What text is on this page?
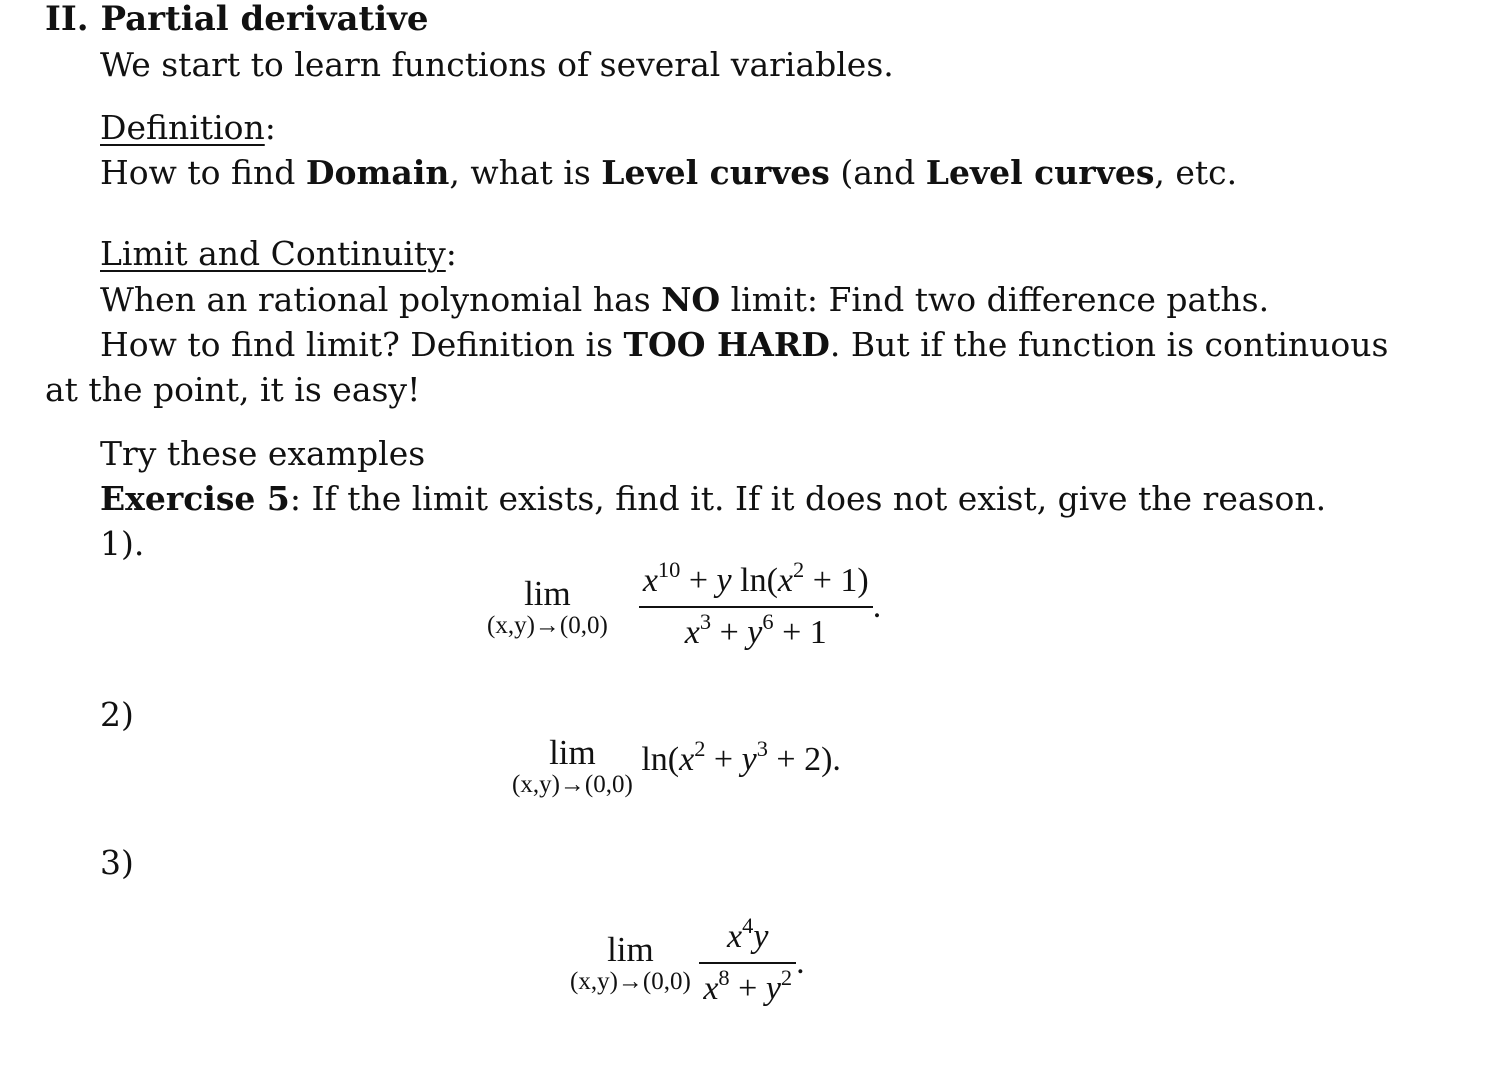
II. Partial derivative
We start to learn functions of several variables.
Definition:
How to find Domain, what is Level curves (and Level curves, etc.
Limit and Continuity:
When an rational polynomial has NO limit: Find two difference paths.
How to find limit? Definition is TOO HARD. But if the function is continuous
at the point, it is easy!
Try these examples
Exercise 5: If the limit exists, find it. If it does not exist, give the reason.
1).
lim
(x,y)→(0,0)
$\frac{x^{10} + y \ln(x^2 + 1)}{x^3 + y^6 + 1}$ .
2)
lim
(x,y)→(0,0)
$\ln(x^2 + y^3 + 2)$.
3)
lim
(x,y)→(0,0)
$\frac{x^4y}{x^8 + y^2}$ .
